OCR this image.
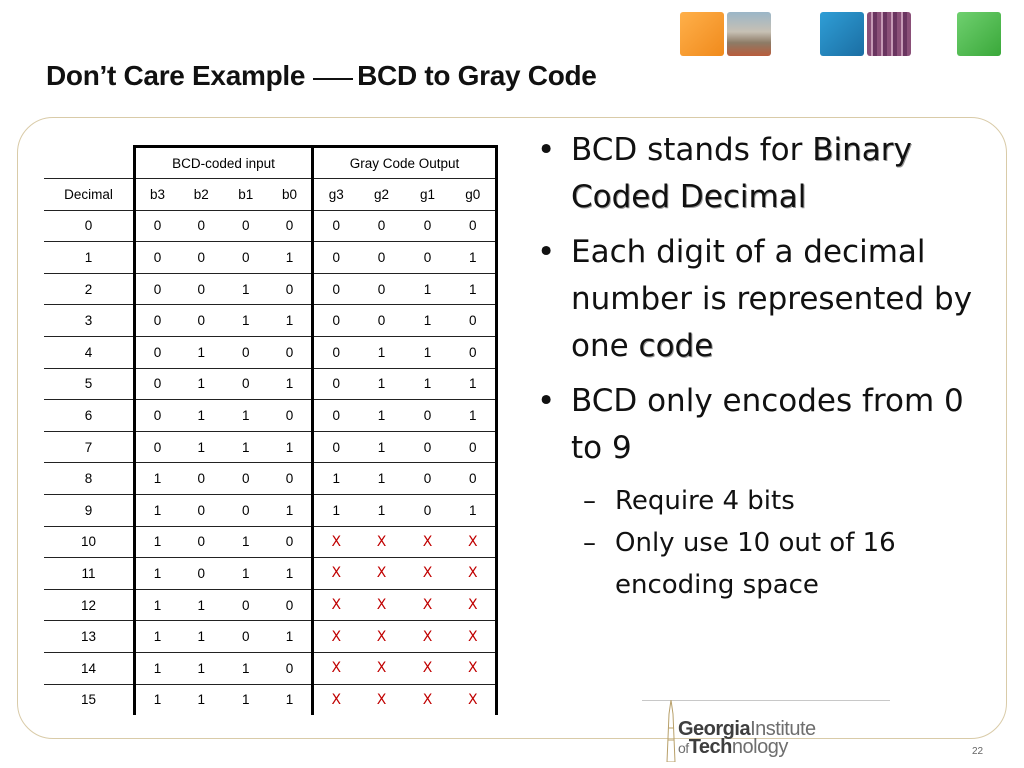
Don’t Care Example BCD to Gray Code
	BCD-coded input				Gray Code Output			
Decimal	b3	b2	b1	b0	g3	g2	g1	g0
0	0	0	0	0	0	0	0	0
1	0	0	0	1	0	0	0	1
2	0	0	1	0	0	0	1	1
3	0	0	1	1	0	0	1	0
4	0	1	0	0	0	1	1	0
5	0	1	0	1	0	1	1	1
6	0	1	1	0	0	1	0	1
7	0	1	1	1	0	1	0	0
8	1	0	0	0	1	1	0	0
9	1	0	0	1	1	1	0	1
10	1	0	1	0	X	X	X	X
11	1	0	1	1	X	X	X	X
12	1	1	0	0	X	X	X	X
13	1	1	0	1	X	X	X	X
14	1	1	1	0	X	X	X	X
15	1	1	1	1	X	X	X	X
• BCD stands for Binary Coded Decimal
• Each digit of a decimal number is represented by one code
• BCD only encodes from 0 to 9
– Require 4 bits
– Only use 10 out of 16 encoding space
GeorgiaInstitute
ofTechnology	22
